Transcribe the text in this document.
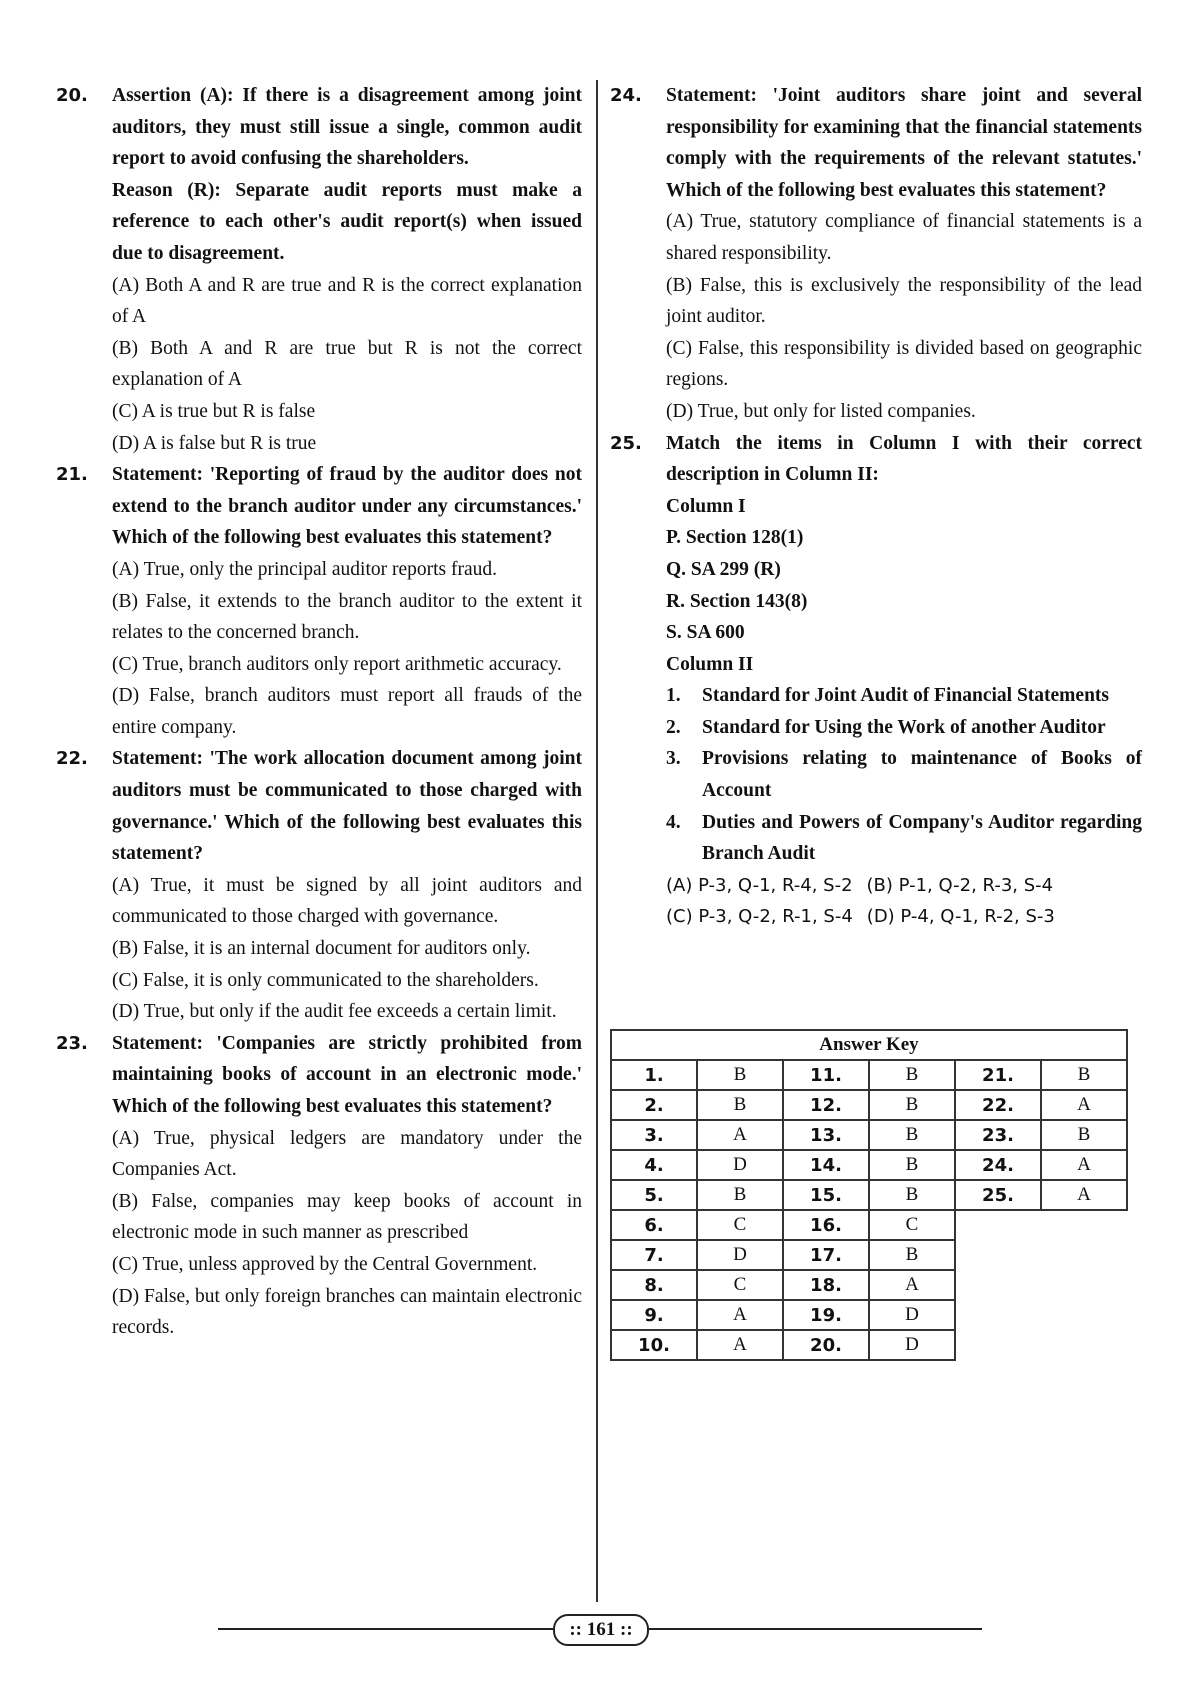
20.	Assertion (A): If there is a disagreement among joint auditors, they must still issue a single, common audit report to avoid confusing the shareholders.

Reason (R): Separate audit reports must make a reference to each other's audit report(s) when issued due to disagreement.

(A) Both A and R are true and R is the correct explanation of A

(B) Both A and R are true but R is not the correct explanation of A

(C) A is true but R is false

(D) A is false but R is true

21.	Statement: 'Reporting of fraud by the auditor does not extend to the branch auditor under any circumstances.' Which of the following best evaluates this statement?

(A) True, only the principal auditor reports fraud.

(B) False, it extends to the branch auditor to the extent it relates to the concerned branch.

(C) True, branch auditors only report arithmetic accuracy.

(D) False, branch auditors must report all frauds of the entire company.

22.	Statement: 'The work allocation document among joint auditors must be communicated to those charged with governance.' Which of the following best evaluates this statement?

(A) True, it must be signed by all joint auditors and communicated to those charged with governance.

(B) False, it is an internal document for auditors only.

(C) False, it is only communicated to the shareholders.

(D) True, but only if the audit fee exceeds a certain limit.

23.	Statement: 'Companies are strictly prohibited from maintaining books of account in an electronic mode.' Which of the following best evaluates this statement?

(A) True, physical ledgers are mandatory under the Companies Act.

(B) False, companies may keep books of account in electronic mode in such manner as prescribed

(C) True, unless approved by the Central Government.

(D) False, but only foreign branches can maintain electronic records.

24.	Statement: 'Joint auditors share joint and several responsibility for examining that the financial statements comply with the requirements of the relevant statutes.' Which of the following best evaluates this statement?

(A) True, statutory compliance of financial statements is a shared responsibility.

(B) False, this is exclusively the responsibility of the lead joint auditor.

(C) False, this responsibility is divided based on geographic regions.

(D) True, but only for listed companies.

25.	Match the items in Column I with their correct description in Column II:

Column I

P. Section 128(1)

Q. SA 299 (R)

R. Section 143(8)

S. SA 600

Column II

1.	Standard for Joint Audit of Financial Statements
2.	Standard for Using the Work of another Auditor
3.	Provisions relating to maintenance of Books of Account
4.	Duties and Powers of Company's Auditor regarding Branch Audit

(A) P-3, Q-1, R-4, S-2 (B) P-1, Q-2, R-3, S-4

(C) P-3, Q-2, R-1, S-4 (D) P-4, Q-1, R-2, S-3

Answer Key					
1.	B	11.	B	21.	B
2.	B	12.	B	22.	A
3.	A	13.	B	23.	B
4.	D	14.	B	24.	A
5.	B	15.	B	25.	A
6.	C	16.	C		
7.	D	17.	B		
8.	C	18.	A		
9.	A	19.	D		
10.	A	20.	D		
:: 161 ::
